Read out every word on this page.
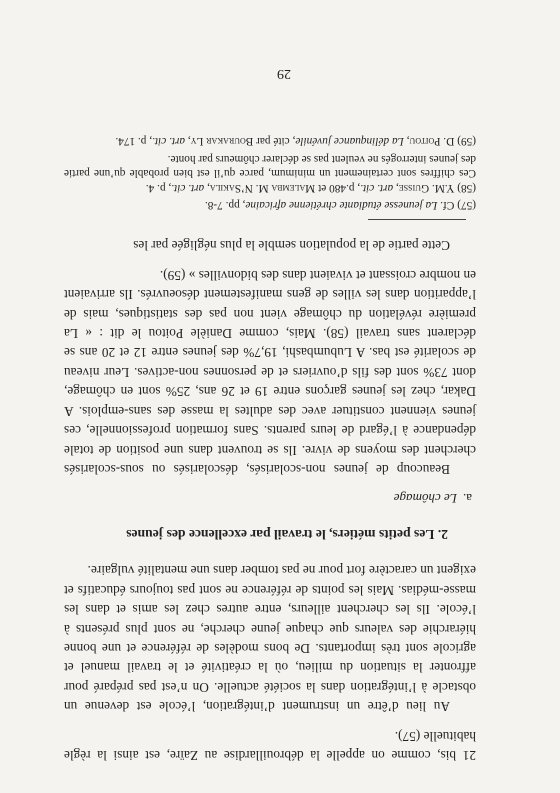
21 bis, comme on appelle la débrouillardise au Zaïre, est ainsi la règle habituelle (57).

Au lieu d’être un instrument d’intégration, l’école est devenue un obstacle à l’intégration dans la société actuelle. On n’est pas préparé pour affronter la situation du milieu, où la créativité et le travail manuel et agricole sont très importants. De bons modèles de référence et une bonne hiérarchie des valeurs que chaque jeune cherche, ne sont plus présents à l’école. Ils les cherchent ailleurs, entre autres chez les amis et dans les masse-médias. Mais les points de référence ne sont pas toujours éducatifs et exigent un caractère fort pour ne pas tomber dans une mentalité vulgaire.

2. Les petits métiers, le travail par excellence des jeunes

a.Le chômage

Beaucoup de jeunes non-scolarisés, déscolarisés ou sous-scolarisés cherchent des moyens de vivre. Ils se trouvent dans une position de totale dépendance à l’égard de leurs parents. Sans formation professionnelle, ces jeunes viennent constituer avec des adultes la masse des sans-emplois. A Dakar, chez les jeunes garçons entre 19 et 26 ans, 25% sont en chômage, dont 73% sont des fils d’ouvriers et de personnes non-actives. Leur niveau de scolarité est bas. A Lubumbashi, 19,7% des jeunes entre 12 et 20 ans se déclarent sans travail (58). Mais, comme Danièle Poitou le dit : « La première révélation du chômage vient non pas des statistiques, mais de l’apparition dans les villes de gens manifestement désoeuvrés. Ils arrivaient en nombre croissant et vivaient dans des bidonvilles » (59).

Cette partie de la population semble la plus négligée par les

(57) Cf. La jeunesse étudiante chrétienne africaine, pp. 7-8.

(58) Y.M. Guisse, art. cit., p.480 et Malemba M. N’Sakila, art. cit., p. 4.
Ces chiffres sont certainement un minimum, parce qu’il est bien probable qu’une partie des jeunes interrogés ne veulent pas se déclarer chômeurs par honte.

(59) D. Poitou, La délinquance juvénile, cité par Bourakar Ly, art. cit., p. 174.

29
